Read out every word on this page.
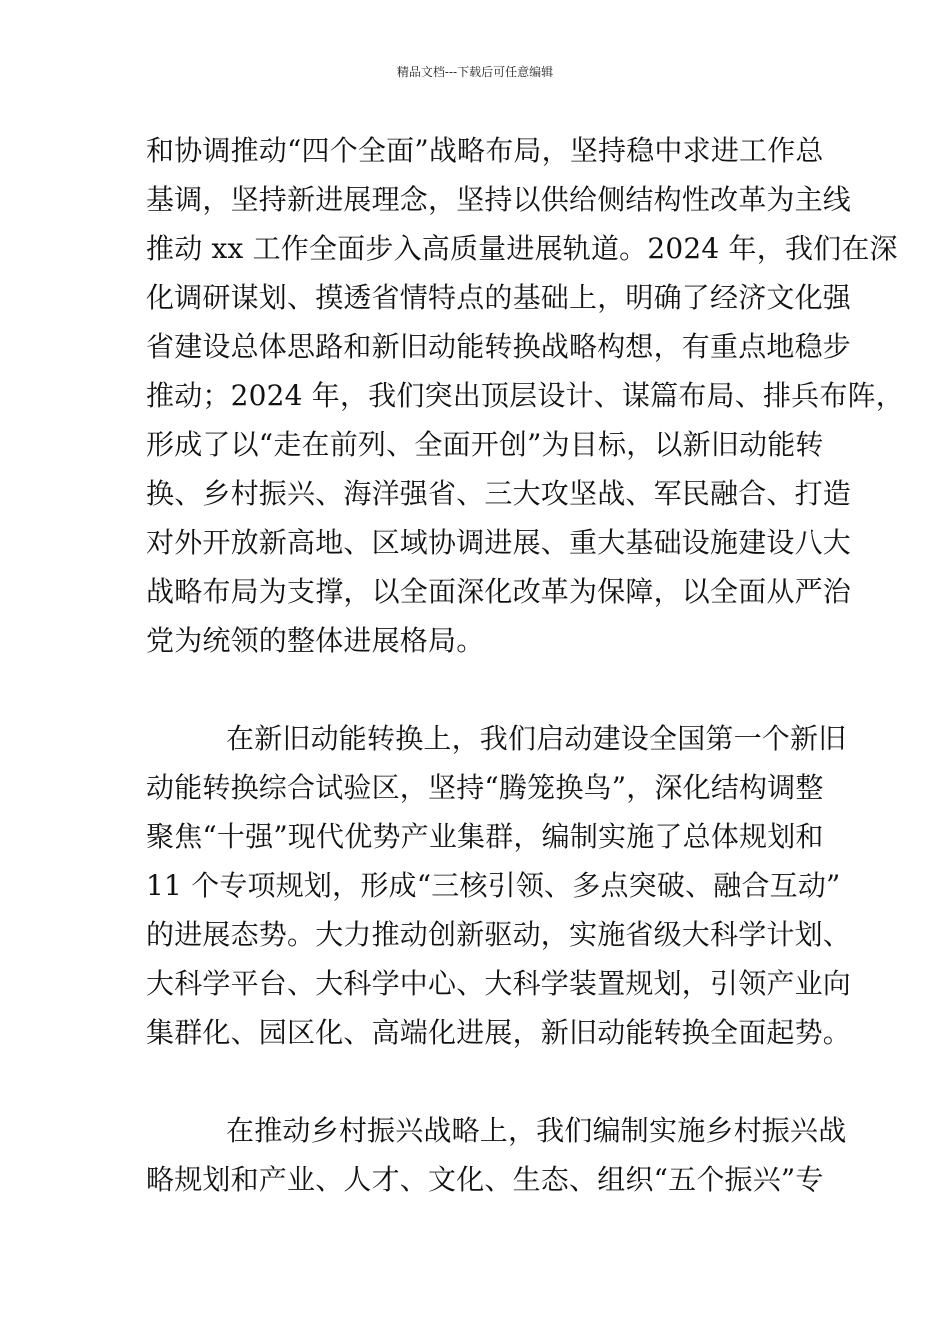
精品文档---下载后可任意编辑
和协调推动“四个全面”战略布局，坚持稳中求进工作总
基调，坚持新进展理念，坚持以供给侧结构性改革为主线
推动 xx 工作全面步入高质量进展轨道。2024 年，我们在深
化调研谋划、摸透省情特点的基础上，明确了经济文化强
省建设总体思路和新旧动能转换战略构想，有重点地稳步
推动；2024 年，我们突出顶层设计、谋篇布局、排兵布阵，
形成了以“走在前列、全面开创”为目标，以新旧动能转
换、乡村振兴、海洋强省、三大攻坚战、军民融合、打造
对外开放新高地、区域协调进展、重大基础设施建设八大
战略布局为支撑，以全面深化改革为保障，以全面从严治
党为统领的整体进展格局。
在新旧动能转换上，我们启动建设全国第一个新旧
动能转换综合试验区，坚持“腾笼换鸟”，深化结构调整
聚焦“十强”现代优势产业集群，编制实施了总体规划和
11 个专项规划，形成“三核引领、多点突破、融合互动”
的进展态势。大力推动创新驱动，实施省级大科学计划、
大科学平台、大科学中心、大科学装置规划，引领产业向
集群化、园区化、高端化进展，新旧动能转换全面起势。
在推动乡村振兴战略上，我们编制实施乡村振兴战
略规划和产业、人才、文化、生态、组织“五个振兴”专
